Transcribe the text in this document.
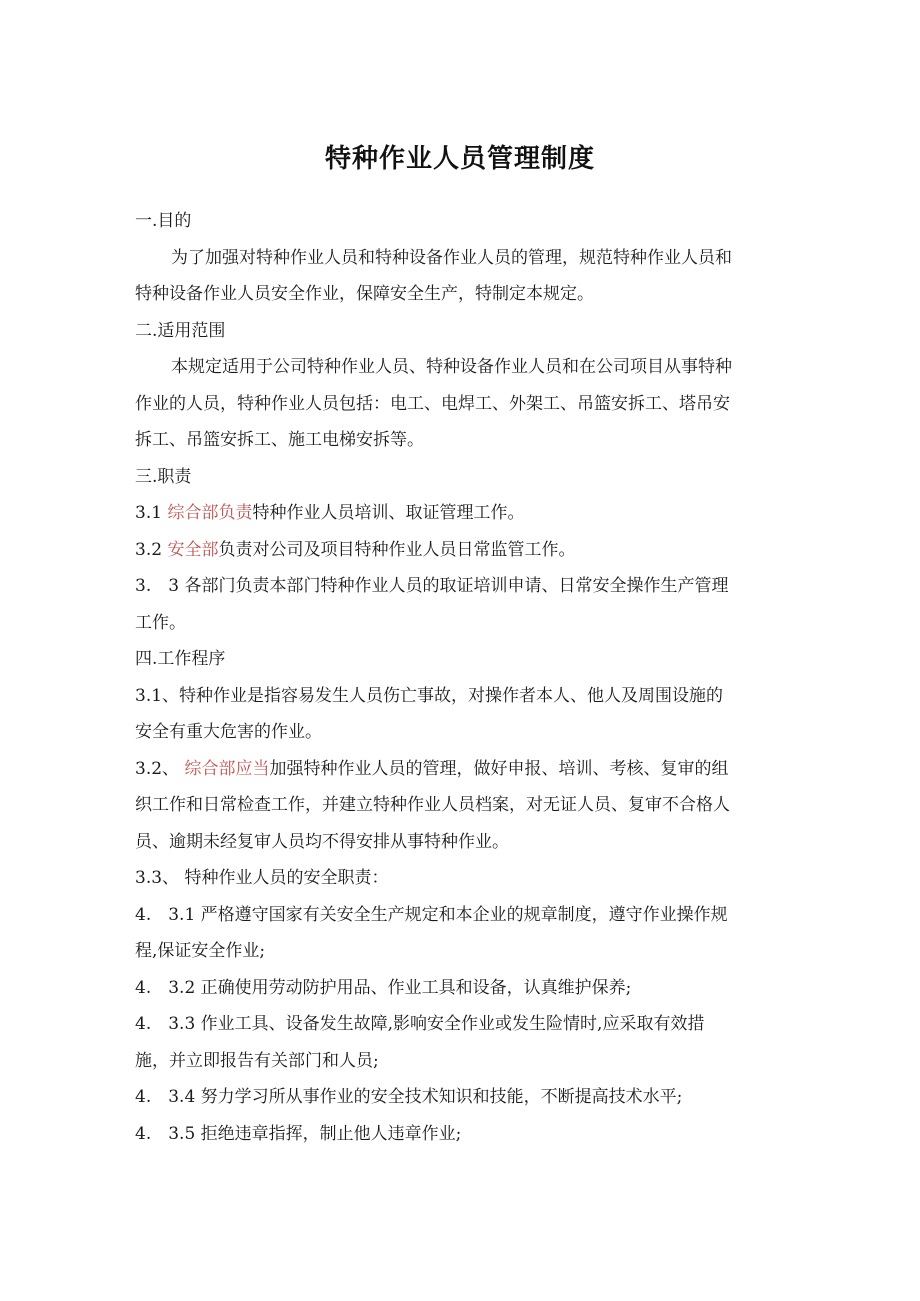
特种作业人员管理制度
一.目的
为了加强对特种作业人员和特种设备作业人员的管理，规范特种作业人员和
特种设备作业人员安全作业，保障安全生产，特制定本规定。
二.适用范围
本规定适用于公司特种作业人员、特种设备作业人员和在公司项目从事特种
作业的人员，特种作业人员包括：电工、电焊工、外架工、吊篮安拆工、塔吊安
拆工、吊篮安拆工、施工电梯安拆等。
三.职责
3.1 综合部负责特种作业人员培训、取证管理工作。
3.2 安全部负责对公司及项目特种作业人员日常监管工作。
3.　3 各部门负责本部门特种作业人员的取证培训申请、日常安全操作生产管理
工作。
四.工作程序
3.1、特种作业是指容易发生人员伤亡事故，对操作者本人、他人及周围设施的
安全有重大危害的作业。
3.2、 综合部应当加强特种作业人员的管理，做好申报、培训、考核、复审的组
织工作和日常检查工作，并建立特种作业人员档案，对无证人员、复审不合格人
员、逾期未经复审人员均不得安排从事特种作业。
3.3、 特种作业人员的安全职责：
4.　3.1 严格遵守国家有关安全生产规定和本企业的规章制度，遵守作业操作规
程,保证安全作业;
4.　3.2 正确使用劳动防护用品、作业工具和设备，认真维护保养;
4.　3.3 作业工具、设备发生故障,影响安全作业或发生险情时,应采取有效措
施，并立即报告有关部门和人员;
4.　3.4 努力学习所从事作业的安全技术知识和技能，不断提高技术水平;
4.　3.5 拒绝违章指挥，制止他人违章作业;
